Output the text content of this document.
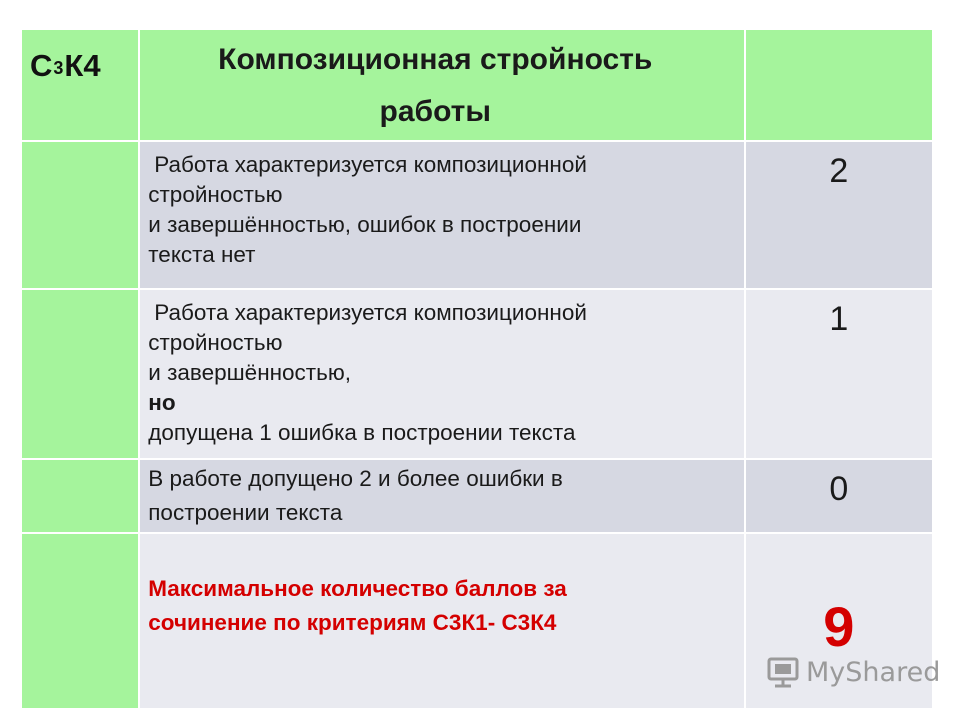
С3К4	Композиционная стройность
работы	

	Работа характеризуется композиционной
стройностью
и завершённостью, ошибок в построении
текста нет	2

	Работа характеризуется композиционной
стройностью
и завершённостью,
но
допущена 1 ошибка в построении текста	1

	В работе допущено 2 и более ошибки в
построении текста	0

	Максимальное количество баллов за
сочинение по критериям С3К1- С3К4	9
MyShared
